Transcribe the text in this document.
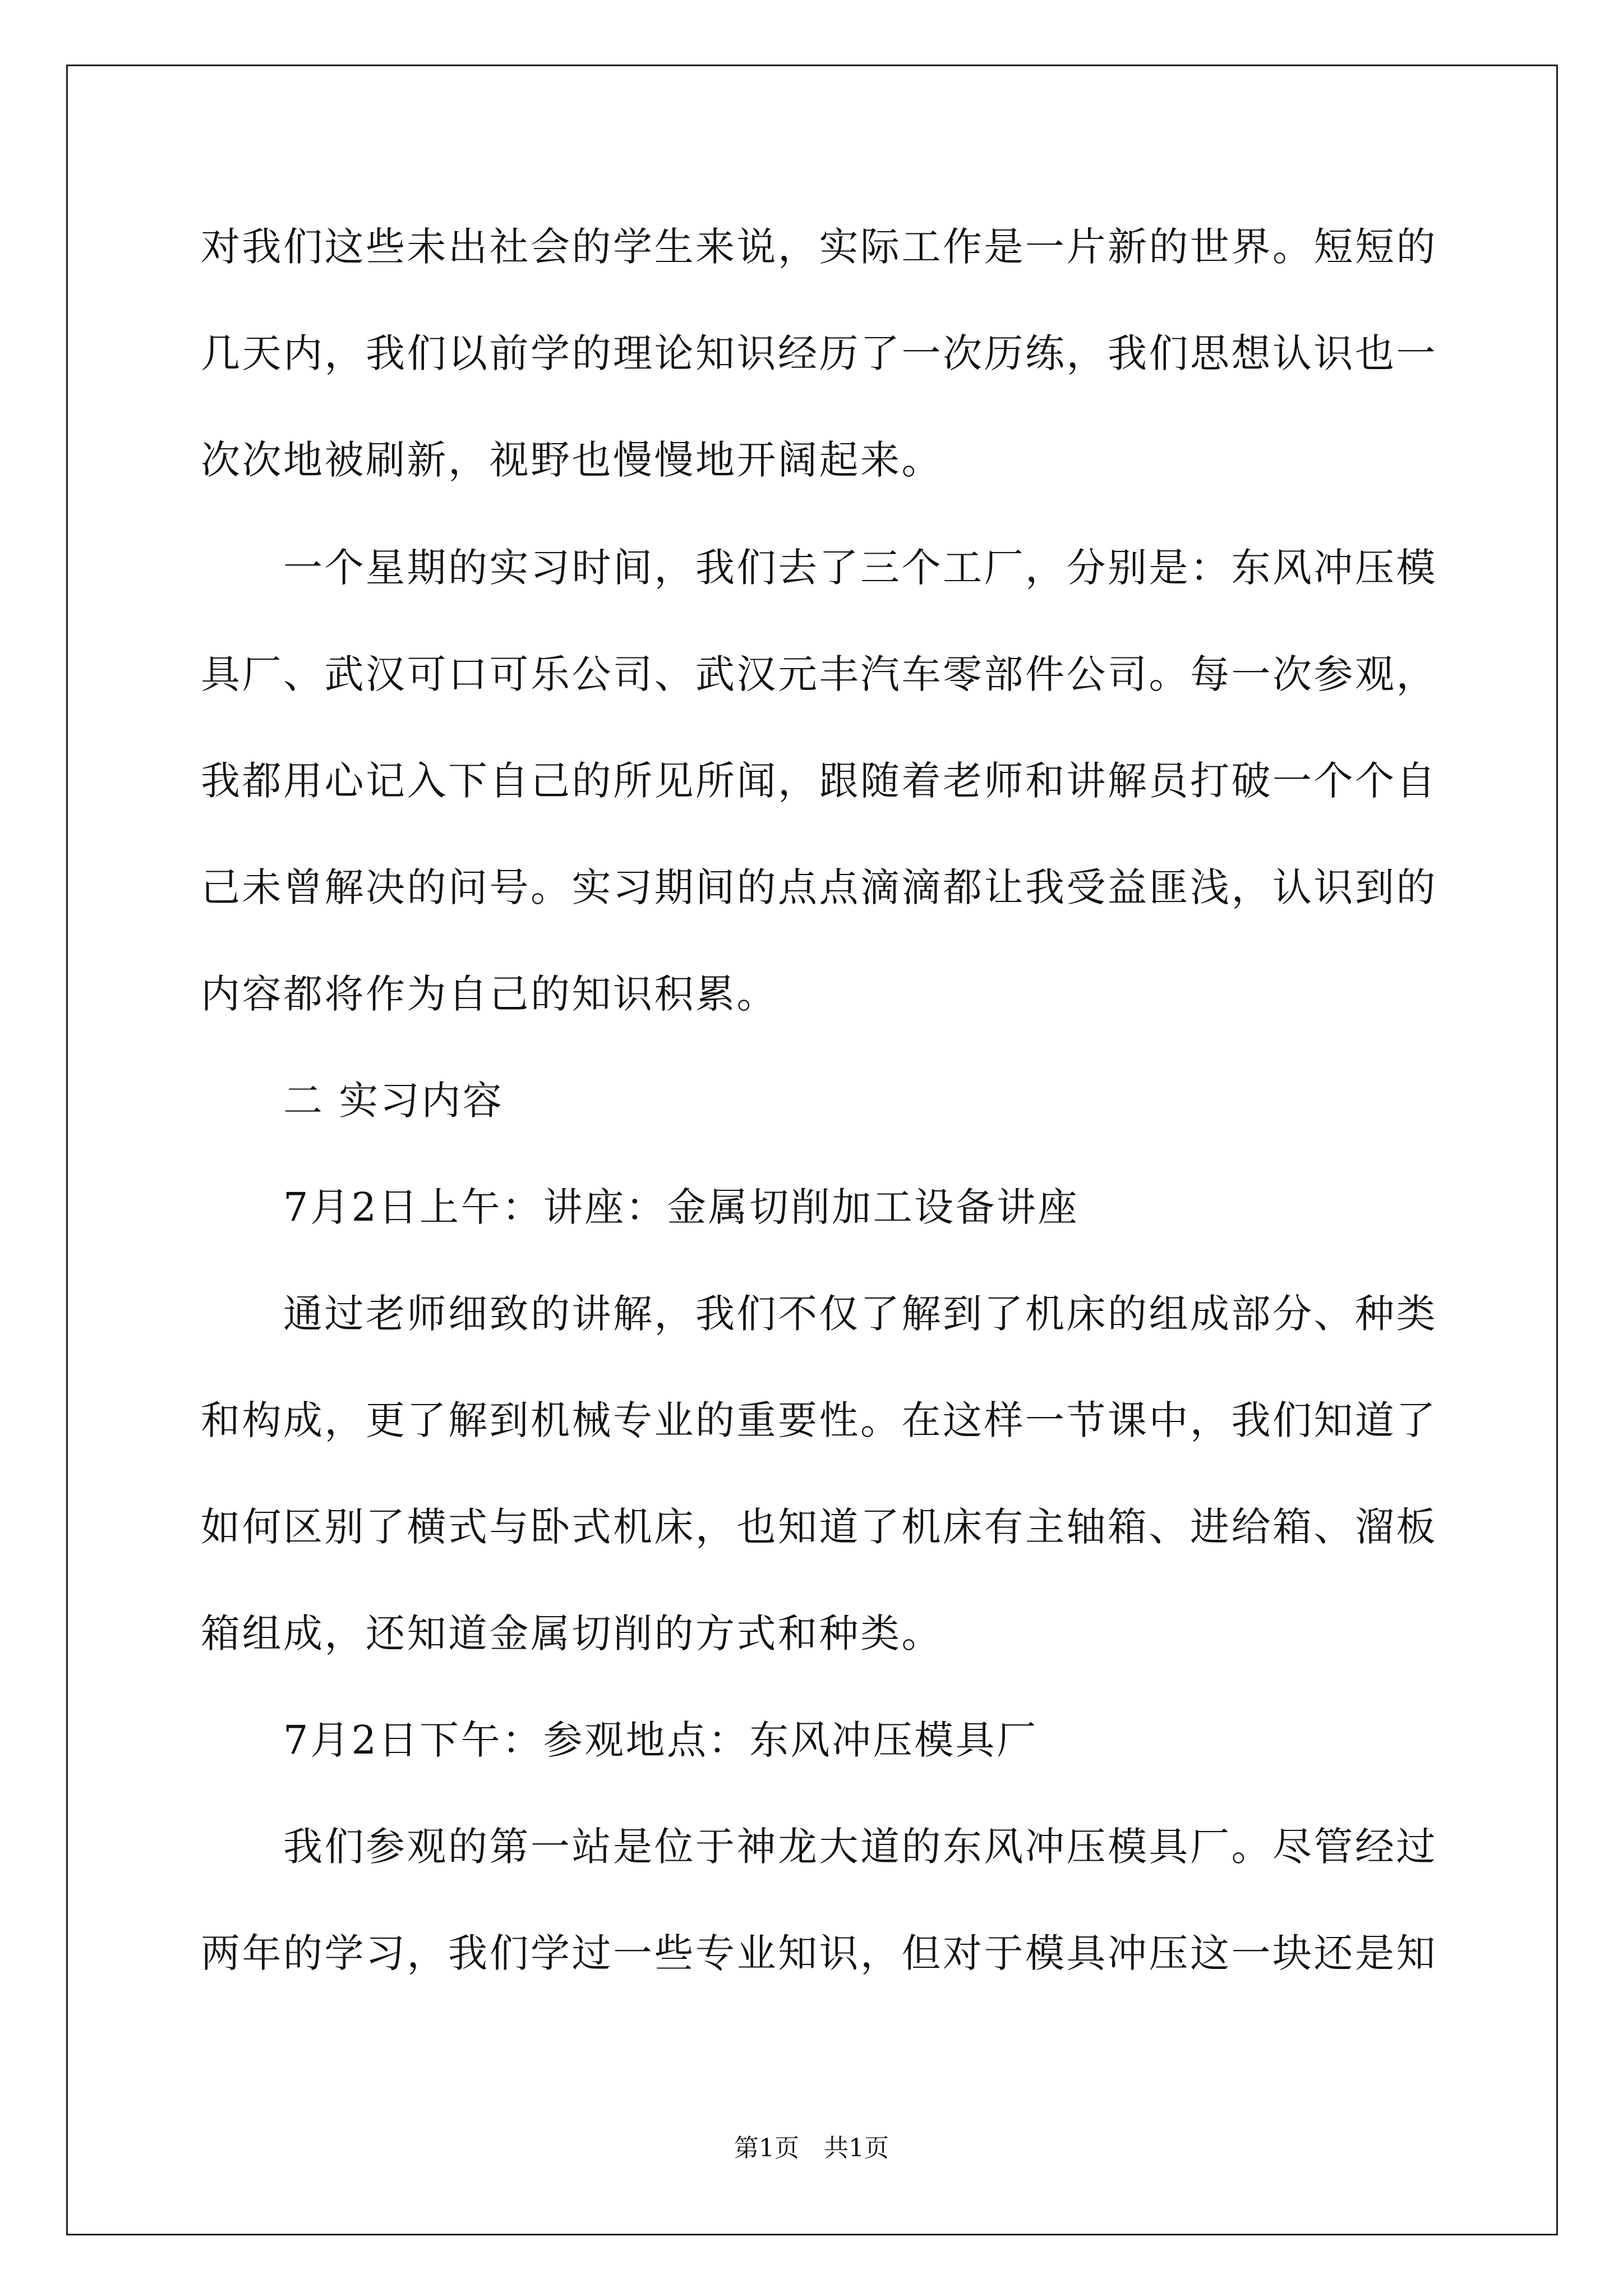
对我们这些未出社会的学生来说，实际工作是一片新的世界。短短的
几天内，我们以前学的理论知识经历了一次历练，我们思想认识也一
次次地被刷新，视野也慢慢地开阔起来。
　　一个星期的实习时间，我们去了三个工厂，分别是：东风冲压模
具厂、武汉可口可乐公司、武汉元丰汽车零部件公司。每一次参观，
我都用心记入下自己的所见所闻，跟随着老师和讲解员打破一个个自
己未曾解决的问号。实习期间的点点滴滴都让我受益匪浅，认识到的
内容都将作为自己的知识积累。
　　二 实习内容
　　7月2日上午：讲座：金属切削加工设备讲座
　　通过老师细致的讲解，我们不仅了解到了机床的组成部分、种类
和构成，更了解到机械专业的重要性。在这样一节课中，我们知道了
如何区别了横式与卧式机床，也知道了机床有主轴箱、进给箱、溜板
箱组成，还知道金属切削的方式和种类。
　　7月2日下午：参观地点：东风冲压模具厂
　　我们参观的第一站是位于神龙大道的东风冲压模具厂。尽管经过
两年的学习，我们学过一些专业知识，但对于模具冲压这一块还是知
第1页　共1页
